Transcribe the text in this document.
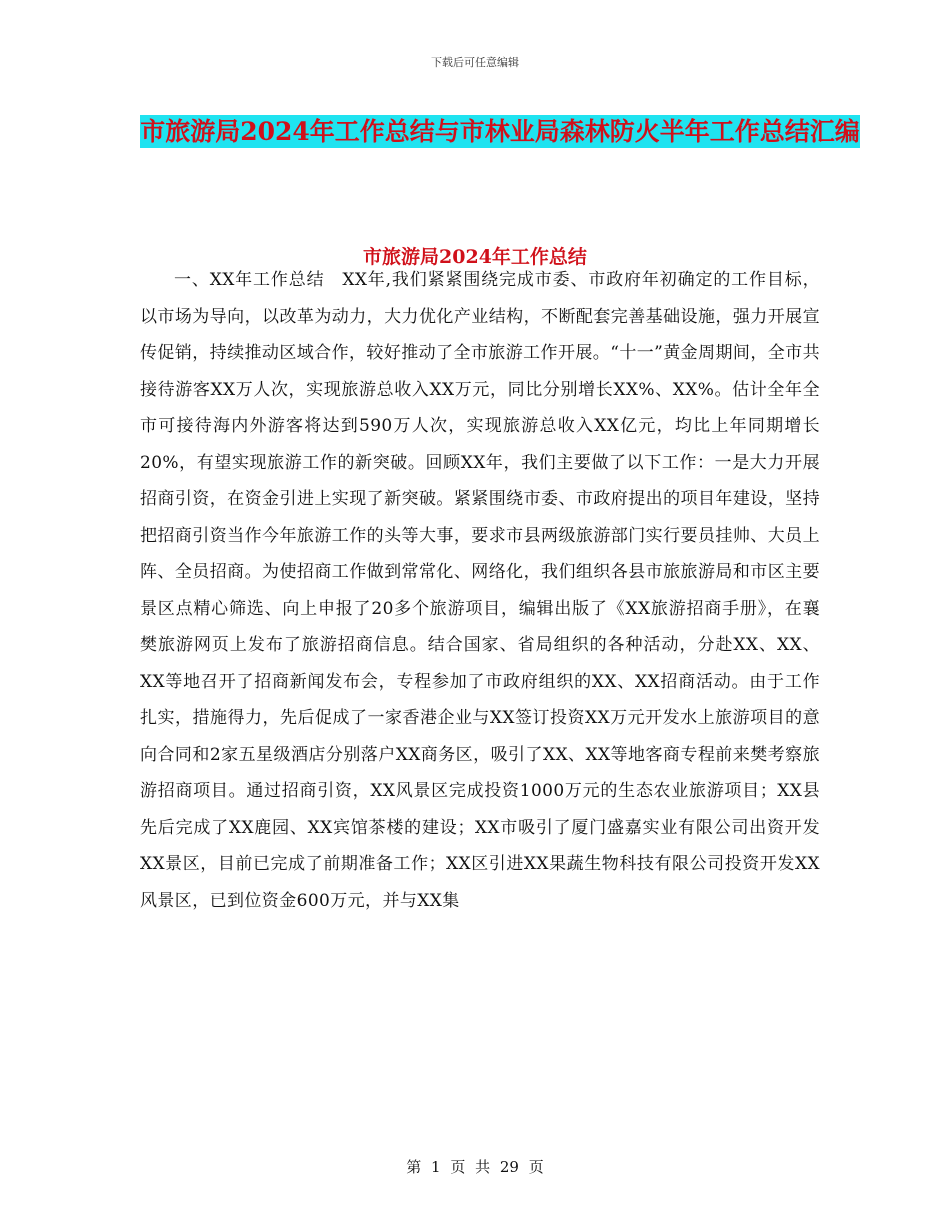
下载后可任意编辑
市旅游局2024年工作总结与市林业局森林防火半年工作总结汇编
市旅游局2024年工作总结

一、XX年工作总结　XX年,我们紧紧围绕完成市委、市政府年初确定的工作目标，以市场为导向，以改革为动力，大力优化产业结构，不断配套完善基础设施，强力开展宣传促销，持续推动区域合作，较好推动了全市旅游工作开展。“十一”黄金周期间，全市共接待游客XX万人次，实现旅游总收入XX万元，同比分别增长XX%、XX%。估计全年全市可接待海内外游客将达到590万人次，实现旅游总收入XX亿元，均比上年同期增长20%，有望实现旅游工作的新突破。回顾XX年，我们主要做了以下工作：一是大力开展招商引资，在资金引进上实现了新突破。紧紧围绕市委、市政府提出的项目年建设，坚持把招商引资当作今年旅游工作的头等大事，要求市县两级旅游部门实行要员挂帅、大员上阵、全员招商。为使招商工作做到常常化、网络化，我们组织各县市旅旅游局和市区主要景区点精心筛选、向上申报了20多个旅游项目，编辑出版了《XX旅游招商手册》，在襄樊旅游网页上发布了旅游招商信息。结合国家、省局组织的各种活动，分赴XX、XX、XX等地召开了招商新闻发布会，专程参加了市政府组织的XX、XX招商活动。由于工作扎实，措施得力，先后促成了一家香港企业与XX签订投资XX万元开发水上旅游项目的意向合同和2家五星级酒店分别落户XX商务区，吸引了XX、XX等地客商专程前来樊考察旅游招商项目。通过招商引资，XX风景区完成投资1000万元的生态农业旅游项目；XX县先后完成了XX鹿园、XX宾馆茶楼的建设；XX市吸引了厦门盛嘉实业有限公司出资开发XX景区，目前已完成了前期准备工作；XX区引进XX果蔬生物科技有限公司投资开发XX风景区，已到位资金600万元，并与XX集

第 1 页 共 29 页
